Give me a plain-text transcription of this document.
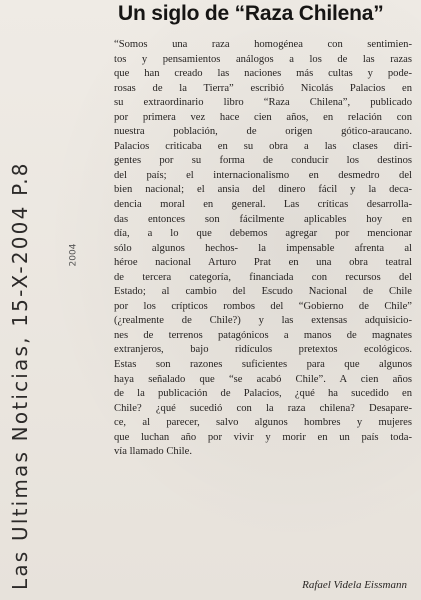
Un siglo de “Raza Chilena”
“Somos una raza homogénea con sentimien-
tos y pensamientos análogos a los de las razas
que han creado las naciones más cultas y pode-
rosas de la Tierra” escribió Nicolás Palacios en
su extraordinario libro “Raza Chilena”, publicado
por primera vez hace cien años, en relación con
nuestra población, de origen gótico-araucano.
Palacios criticaba en su obra a las clases diri-
gentes por su forma de conducir los destinos
del país; el internacionalismo en desmedro del
bien nacional; el ansia del dinero fácil y la deca-
dencia moral en general. Las críticas desarrolla-
das entonces son fácilmente aplicables hoy en
día, a lo que debemos agregar por mencionar
sólo algunos hechos- la impensable afrenta al
héroe nacional Arturo Prat en una obra teatral
de tercera categoría, financiada con recursos del
Estado; al cambio del Escudo Nacional de Chile
por los crípticos rombos del “Gobierno de Chile”
(¿realmente de Chile?) y las extensas adquisicio-
nes de terrenos patagónicos a manos de magnates
extranjeros, bajo ridículos pretextos ecológicos.
Estas son razones suficientes para que algunos
haya señalado que “se acabó Chile”. A cien años
de la publicación de Palacios, ¿qué ha sucedido en
Chile? ¿qué sucedió con la raza chilena? Desapare-
ce, al parecer, salvo algunos hombres y mujeres
que luchan año por vivir y morir en un país toda-
vía llamado Chile.
Rafael Videla Eissmann
Las Ultimas Noticias, 15-X-2004 P.8	2004
